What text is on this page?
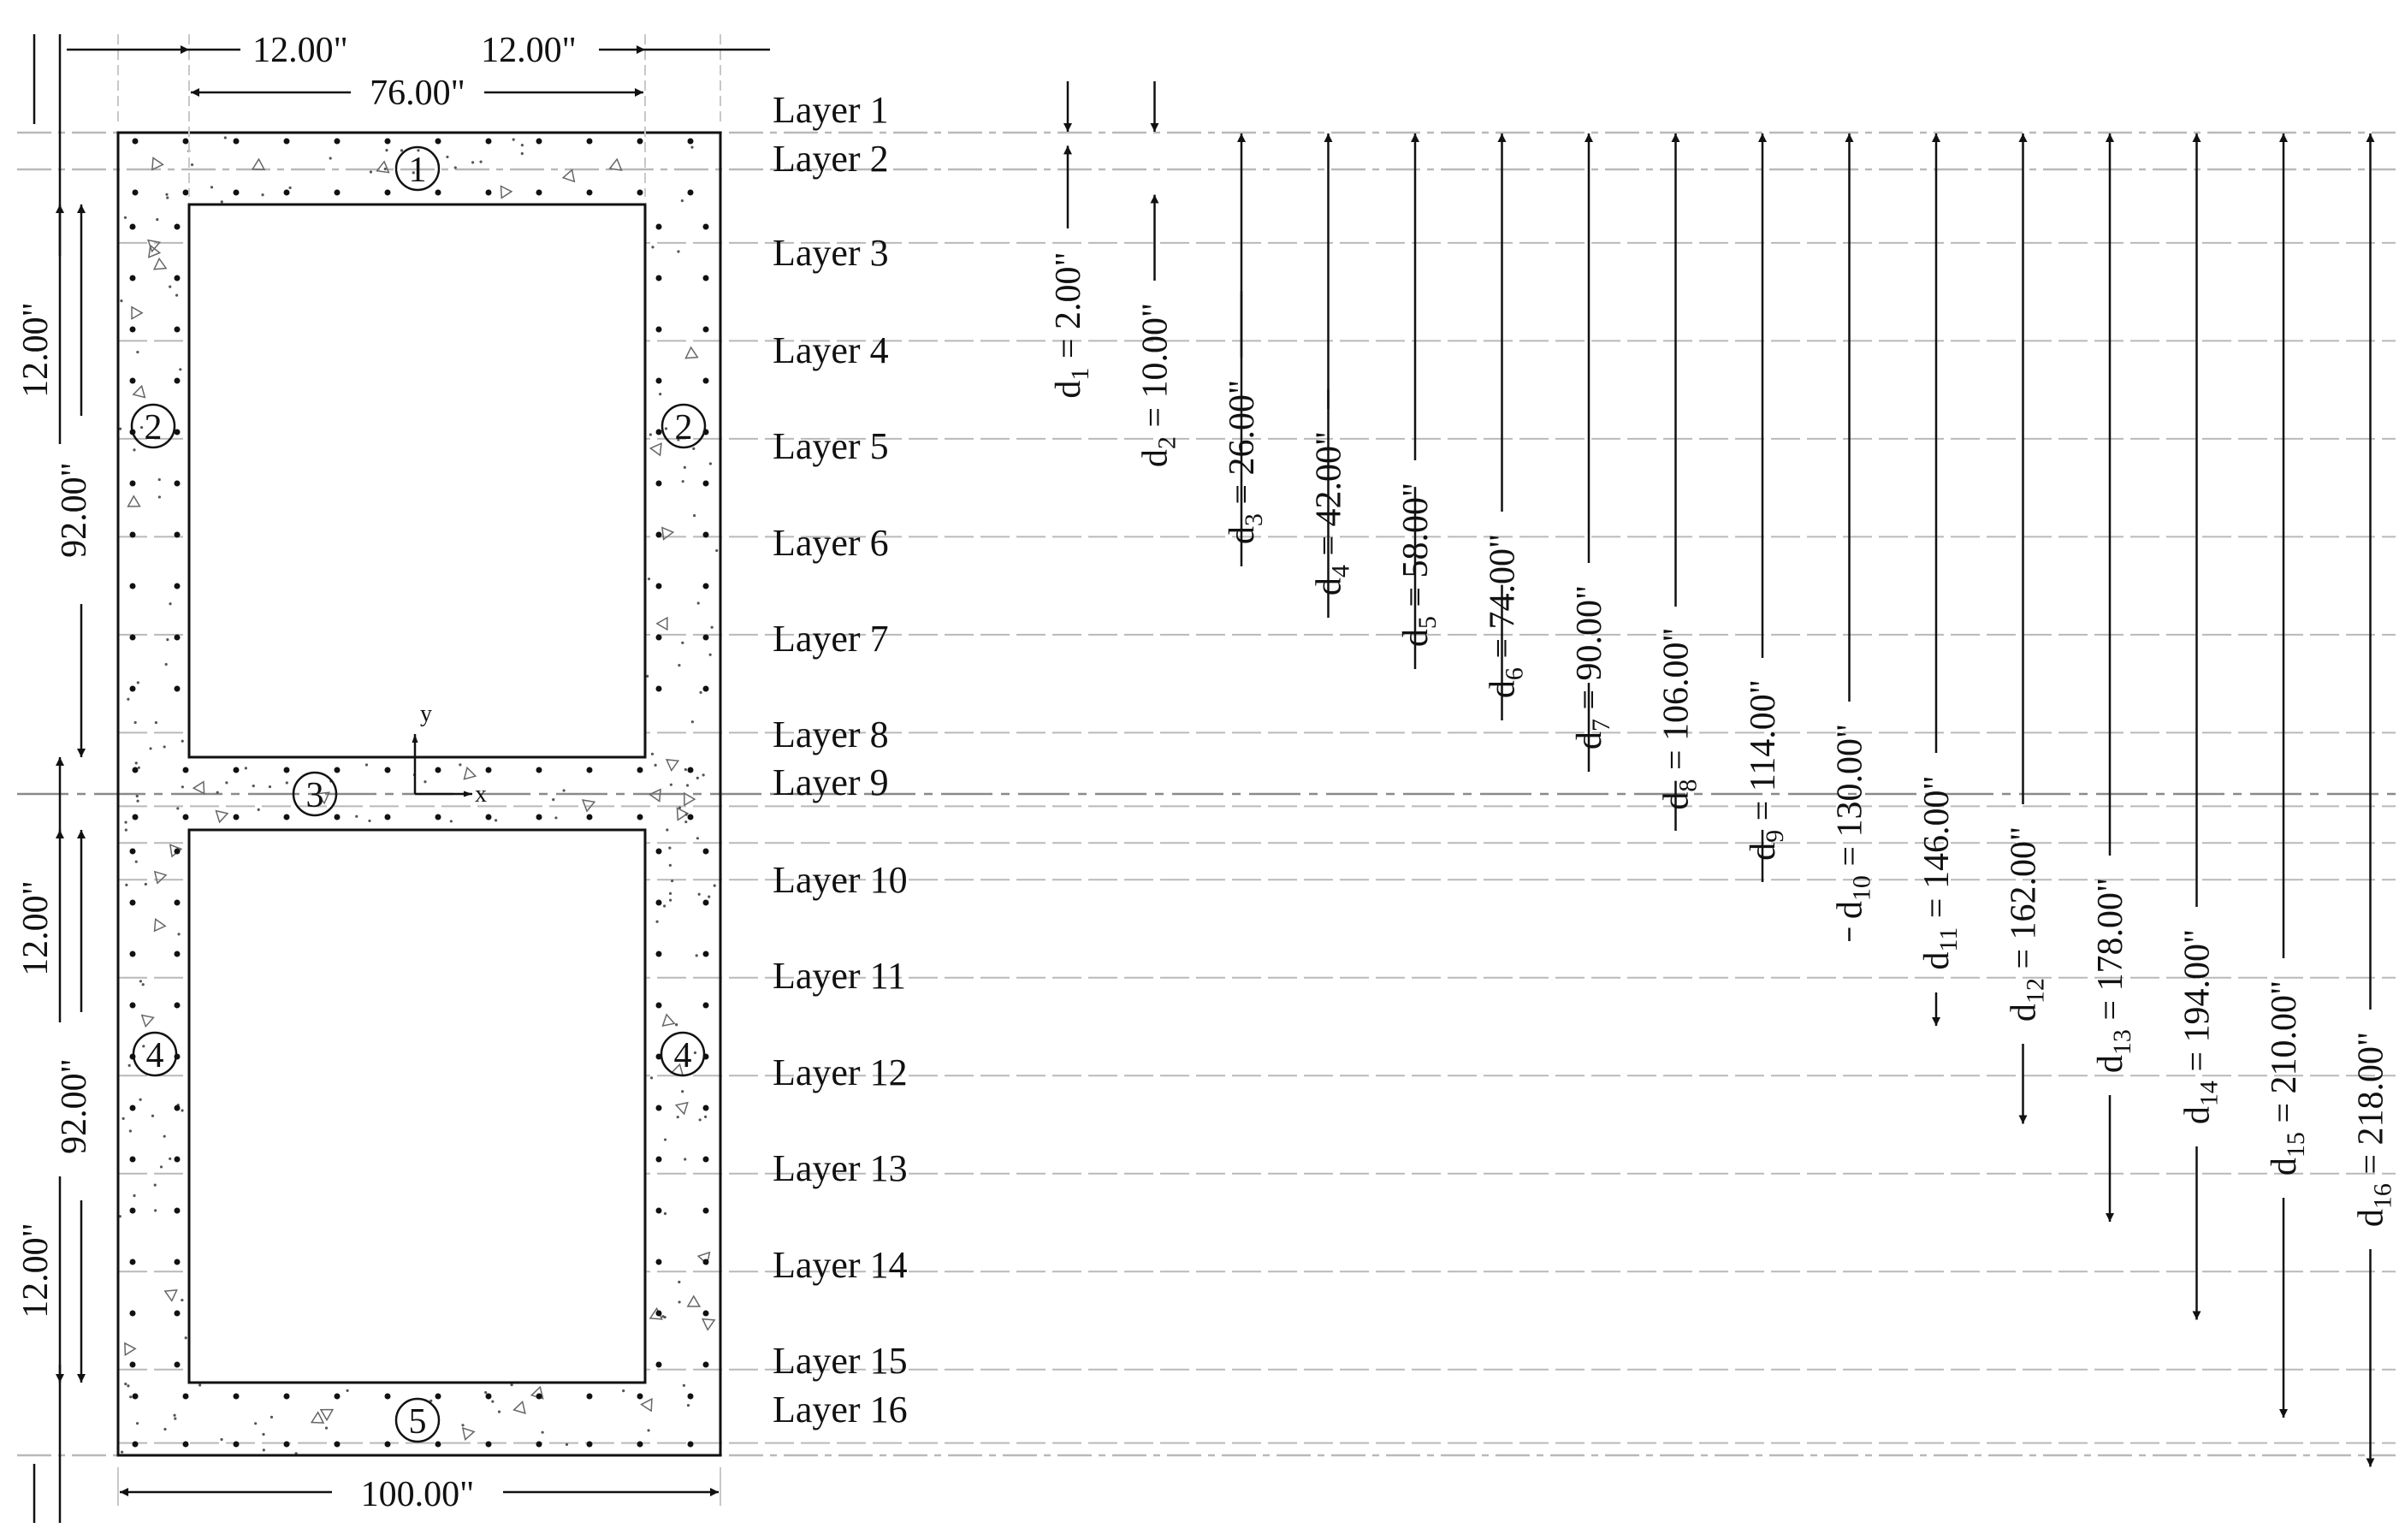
1
2	2
3
4	4
5
y
x
12.00"	12.00"
76.00"
100.00"
12.00"
92.00"
12.00"
92.00"
12.00"
Layer 1
Layer 2
Layer 3
Layer 4
Layer 5
Layer 6
Layer 7
Layer 8
Layer 9
Layer 10
Layer 11
Layer 12
Layer 13
Layer 14
Layer 15
Layer 16
$d_1 = 2.00$"
$d_2 = 10.00$"
$d_3 = 26.00$"
$d_4 = 42.00$"
$d_5 = 58.00$"
$d_6 = 74.00$"
$d_7 = 90.00$"
$d_8 = 106.00$"
$d_9 = 114.00$"
$d_{10} = 130.00$"
$d_{11} = 146.00$"
$d_{12} = 162.00$"
$d_{13} = 178.00$"
$d_{14} = 194.00$"
$d_{15} = 210.00$"
$d_{16} = 218.00$"
